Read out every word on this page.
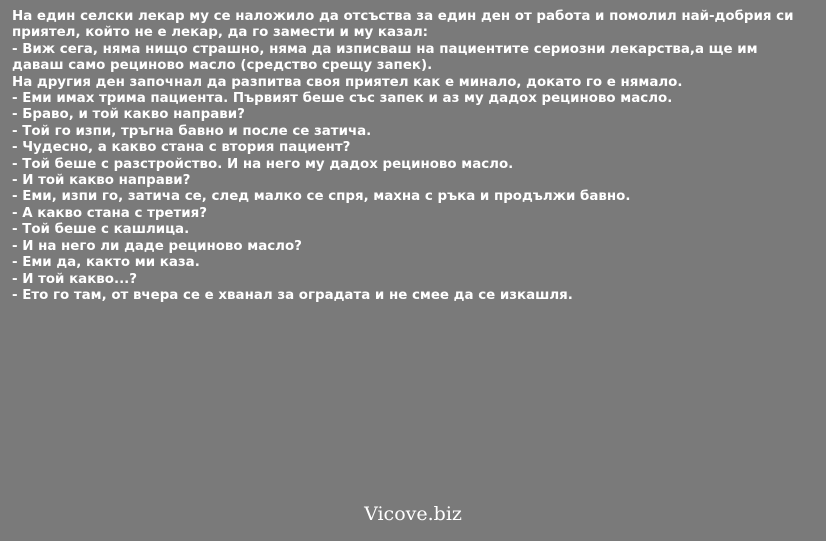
На един селски лекар му се наложило да отсъства за един ден от работа и помолил най-добрия си приятел, който не е лекар, да го замести и му казал:
- Виж сега, няма нищо страшно, няма да изписваш на пациентите сериозни лекарства,а ще им даваш само рециново масло (средство срещу запек).
На другия ден започнал да разпитва своя приятел как е минало, докато го е нямало.
- Еми имах трима пациента. Първият беше със запек и аз му дадох рециново масло.
- Браво, и той какво направи?
- Той го изпи, тръгна бавно и после се затича.
- Чудесно, а какво стана с втория пациент?
- Той беше с разстройство. И на него му дадох рециново масло.
- И той какво направи?
- Еми, изпи го, затича се, след малко се спря, махна с ръка и продължи бавно.
- А какво стана с третия?
- Той беше с кашлица.
- И на него ли даде рециново масло?
- Еми да, както ми каза.
- И той какво...?
- Ето го там, от вчера се е хванал за оградата и не смее да се изкашля.
Vicove.biz
